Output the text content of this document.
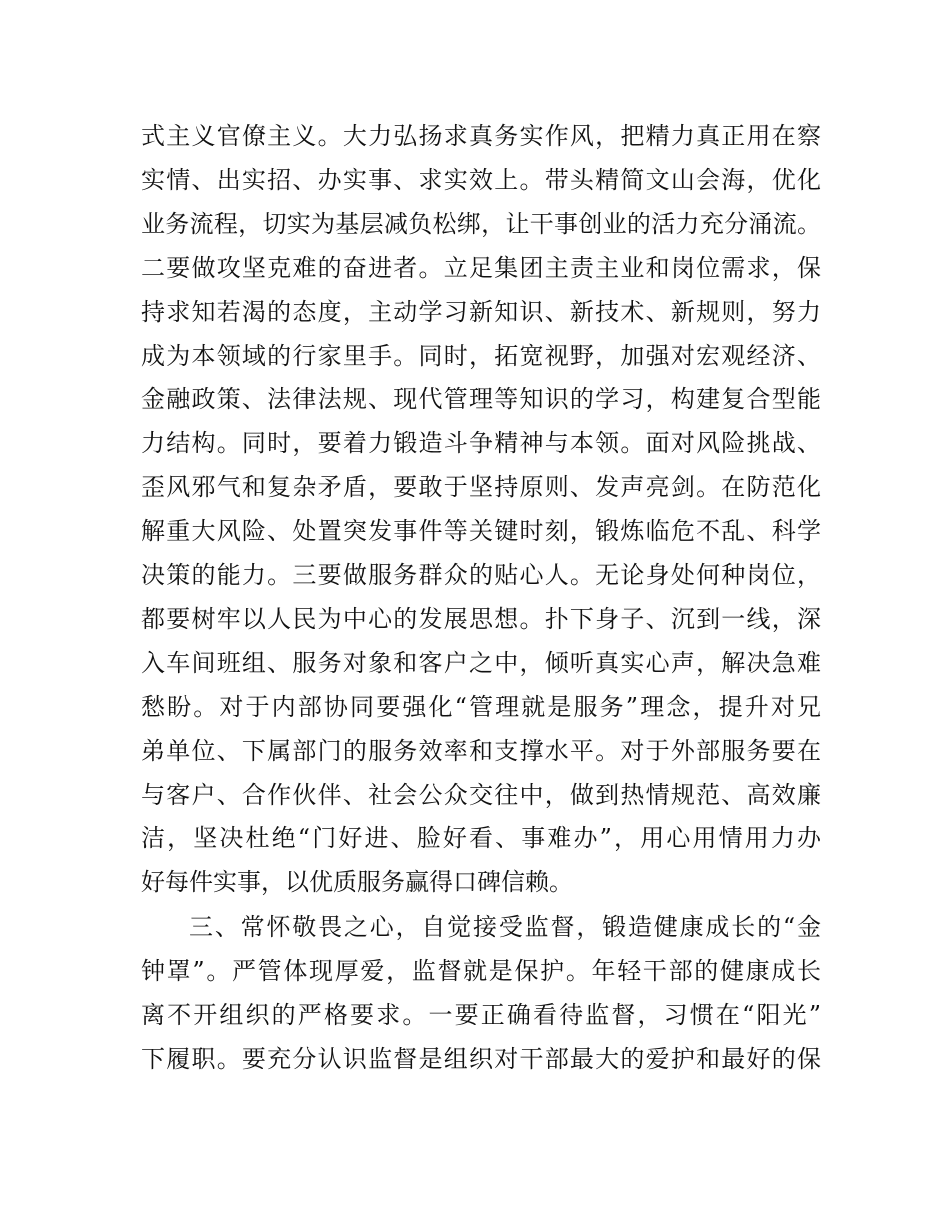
式主义官僚主义。大力弘扬求真务实作风，把精力真正用在察
实情、出实招、办实事、求实效上。带头精简文山会海，优化
业务流程，切实为基层减负松绑，让干事创业的活力充分涌流。
二要做攻坚克难的奋进者。立足集团主责主业和岗位需求，保
持求知若渴的态度，主动学习新知识、新技术、新规则，努力
成为本领域的行家里手。同时，拓宽视野，加强对宏观经济、
金融政策、法律法规、现代管理等知识的学习，构建复合型能
力结构。同时，要着力锻造斗争精神与本领。面对风险挑战、
歪风邪气和复杂矛盾，要敢于坚持原则、发声亮剑。在防范化
解重大风险、处置突发事件等关键时刻，锻炼临危不乱、科学
决策的能力。三要做服务群众的贴心人。无论身处何种岗位，
都要树牢以人民为中心的发展思想。扑下身子、沉到一线，深
入车间班组、服务对象和客户之中，倾听真实心声，解决急难
愁盼。对于内部协同要强化“管理就是服务”理念，提升对兄
弟单位、下属部门的服务效率和支撑水平。对于外部服务要在
与客户、合作伙伴、社会公众交往中，做到热情规范、高效廉
洁，坚决杜绝“门好进、脸好看、事难办”，用心用情用力办
好每件实事，以优质服务赢得口碑信赖。
三、常怀敬畏之心，自觉接受监督，锻造健康成长的“金
钟罩”。严管体现厚爱，监督就是保护。年轻干部的健康成长
离不开组织的严格要求。一要正确看待监督，习惯在“阳光”
下履职。要充分认识监督是组织对干部最大的爱护和最好的保
